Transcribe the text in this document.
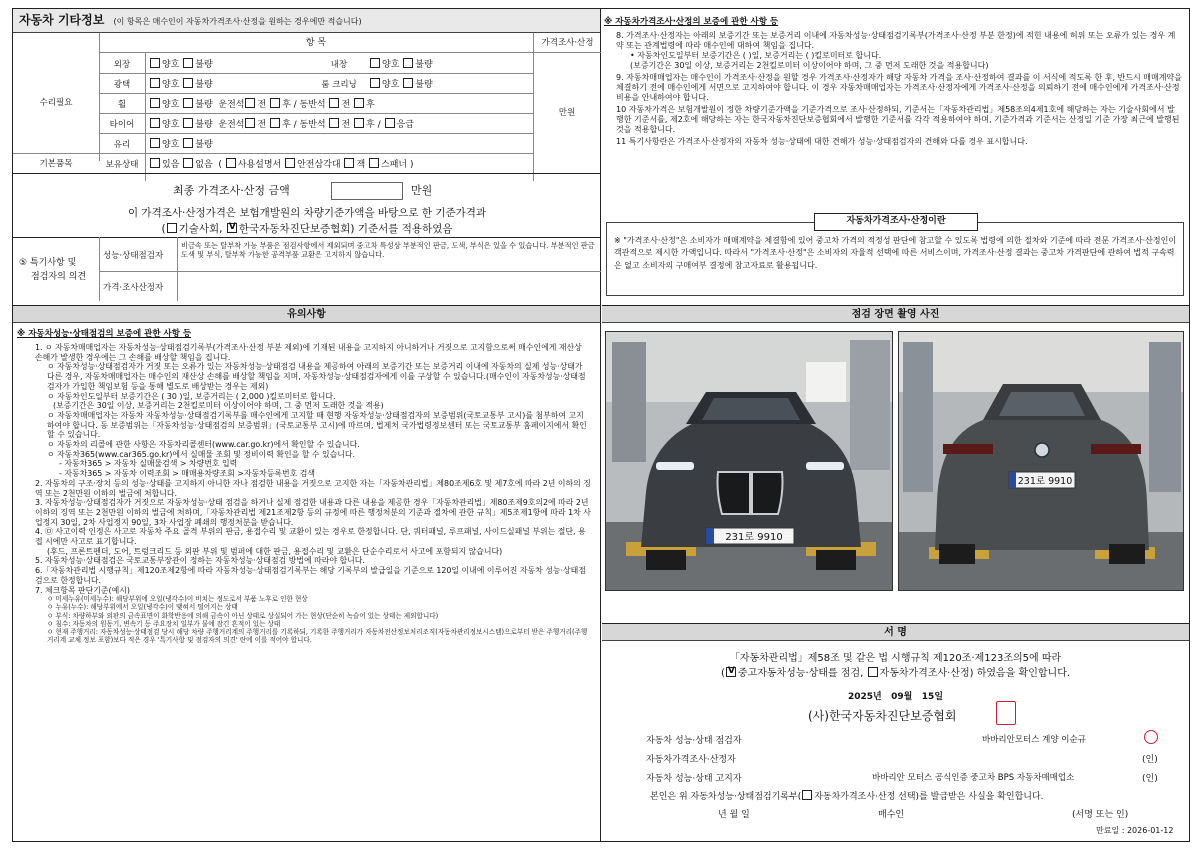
자동차 기타정보 (이 항목은 매수인이 자동차가격조사·산정을 원하는 경우에만 적습니다)
항 목	가격조사·산정
수리필요
기본품목
만원
외장	양호 불량	내장	양호 불량
광택	양호 불량	룸 크리닝	양호 불량
휠	양호 불량 운전석 전 후 / 동반석 전 후
타이어	양호 불량 운전석 전 후 / 동반석 전 후 / 응급
유리	양호 불량
보유상태	있음 없음  ( 사용설명서 안전삼각대 잭 스패너 )
최종 가격조사·산정 금액	만원
이 가격조사·산정가격은 보험개발원의 차량기준가액을 바탕으로 한 기준가격과
( 기술사회, V 한국자동차진단보증협회) 기준서를 적용하였음
⑤ 특기사항 및
점검자의 의견
성능·상태점검자
비금속 또는 탈부착 가능 부품은 점검사항에서 제외되며 중고차 특성상 부분적인 판금, 도색, 부식은 있을 수 있습니다. 부분적인 판금 도색 및 부식, 탈부착 가능한 공격부품 교환은 고지하지 않습니다.
가격·조사산정자
유의사항
※ 자동차성능·상태점검의 보증에 관한 사항 등

1. ㅇ 자동차매매업자는 자동차성능·상태점검기록부(가격조사·산정 부분 제외)에 기재된 내용을 고지하지 아니하거나 거짓으로 고지함으로써 매수인에게 재산상 손해가 발생한 경우에는 그 손해를 배상할 책임을 집니다.

ㅇ 자동차성능·상태점검자가 거짓 또는 오류가 있는 자동차성능·상태점검 내용을 제공하여 아래의 보증기간 또는 보증거리 이내에 자동차의 실제 성능·상태가 다른 경우, 자동차매매업자는 매수인의 재산상 손해를 배상할 책임을 지며, 자동차성능·상태점검자에게 이를 구상할 수 있습니다.(매수인이 자동차성능·상태점검자가 가입한 책임보험 등을 통해 별도로 배상받는 경우는 제외)

ㅇ 자동차인도일부터 보증기간은 ( 30 )일, 보증거리는 ( 2,000 )킬로미터로 합니다.

(보증기간은 30일 이상, 보증거리는 2천킬로미터 이상이어야 하며, 그 중 먼저 도래한 것을 적용)

ㅇ 자동차매매업자는 자동차 자동차성능·상태점검기록부를 매수인에게 고지할 때 현행 자동차성능·상태점검자의 보증범위(국토교통부 고시)를 첨부하여 고지하여야 합니다. 동 보증범위는「자동차성능·상태점검의 보증범위」(국토교통부 고시)에 따르며, 법제처 국가법령정보센터 또는 국토교통부 홈페이지에서 확인할 수 있습니다.

ㅇ 자동차의 리콜에 관한 사항은 자동차리콜센터(www.car.go.kr)에서 확인할 수 있습니다.

ㅇ 자동차365(www.car365.go.kr)에서 실매물 조회 및 정비이력 확인을 할 수 있습니다.

- 자동차365 > 자동차 실매물검색 > 차량번호 입력

- 자동차365 > 자동차 이력조회 > 매매용차량조회 >자동차등록번호 검색

2. 자동차의 구조·장치 등의 성능·상태를 고지하지 아니한 자나 점검한 내용을 거짓으로 고지한 자는「자동차관리법」제80조제6호 및 제7호에 따라 2년 이하의 징역 또는 2천만원 이하의 벌금에 처합니다.

3. 자동차성능·상태점검자가 거짓으로 자동차성능·상태 점검을 하거나 실제 점검한 내용과 다른 내용을 제공한 경우「자동차관리법」제80조제9호의2에 따라 2년 이하의 징역 또는 2천만원 이하의 벌금에 처하며,「자동차관리법 제21조제2항 등의 규정에 따른 행정처분의 기준과 절차에 관한 규칙」제5조제1항에 따라 1차 사업정지 30일, 2차 사업정지 90일, 3차 사업장 폐쇄의 행정처분을 받습니다.

4. ㉤ 사고이력 인정은 사고로 자동차 주요 골격 부위의 판금, 용접수리 및 교환이 있는 경우로 한정합니다. 단, 쿼터패널, 루프패널, 사이드실패널 부위는 절단, 용접 시에만 사고로 표기합니다.

(후드, 프론트펜더, 도어, 트렁크리드 등 외판 부위 및 범퍼에 대한 판금, 용접수리 및 교환은 단순수리로서 사고에 포함되지 않습니다)

5. 자동차성능·상태점검은 국토교통부장관이 정하는 자동차성능·상태점검 방법에 따라야 합니다.

6.「자동차관리법 시행규칙」제120조제2항에 따라 자동차성능·상태점검기록부는 해당 기록부의 발급일을 기준으로 120일 이내에 이루어진 자동차 성능·상태점검으로 한정합니다.

7. 체크항목 판단기준(예시)

ㅇ 미세누유(미세누수): 해당부위에 오일(냉각수)이 비치는 정도로서 부품 노후로 인한 현상

ㅇ 누유(누수): 해당부위에서 오일(냉각수)이 맺혀서 떨어지는 상태

ㅇ 부식: 차량하부와 외판의 금속표면이 화학반응에 의해 금속이 아닌 상태로 상실되어 가는 현상(단순히 녹슬어 있는 상태는 제외합니다)

ㅇ 침수: 자동차의 원동기, 변속기 등 주요장치 일부가 물에 잠긴 흔적이 있는 상태

ㅇ 현재 주행거리: 자동차성능·상태점검 당시 해당 차량 주행거리계의 주행거리를 기록하되, 기록한 주행거리가 자동차전산정보처리조직(자동차관리정보시스템)으로부터 받은 주행거리(주행거리계 교체 정보 포함)보다 적은 경우 '특기사항 및 점검자의 의견' 란에 이를 적어야 합니다.

※ 자동차가격조사·산정의 보증에 관한 사항 등

8. 가격조사·산정자는 아래의 보증기간 또는 보증거리 이내에 자동차성능·상태점검기록부(가격조사·산정 부분 한정)에 적힌 내용에 허위 또는 오류가 있는 경우 계약 또는 관계법령에 따라 매수인에 대하여 책임을 집니다.

• 자동차인도일부터 보증기간은 ( )일, 보증거리는 ( )킬로미터로 합니다.

(보증기간은 30일 이상, 보증거리는 2천킬로미터 이상이어야 하며, 그 중 먼저 도래한 것을 적용합니다)

9. 자동차매매업자는 매수인이 가격조사·산정을 원할 경우 가격조사·산정자가 해당 자동차 가격을 조사·산정하여 결과를 이 서식에 적도록 한 후, 반드시 매매계약을 체결하기 전에 매수인에게 서면으로 고지하여야 합니다. 이 경우 자동차매매업자는 가격조사·산정자에게 가격조사·산정을 의뢰하기 전에 매수인에게 가격조사·산정 비용을 안내하여야 합니다.

10 자동차가격은 보험개발원이 정한 차량기준가액을 기준가격으로 조사·산정하되, 기준서는「자동차관리법」제58조의4제1호에 해당하는 자는 기술사회에서 발행한 기준서를, 제2호에 해당하는 자는 한국자동차진단보증협회에서 발행한 기준서를 각각 적용하여야 하며, 기준가격과 기준서는 산정일 기준 가장 최근에 발행된 것을 적용합니다.

11 특기사항란은 가격조사·산정자의 자동차 성능·상태에 대한 견해가 성능·상태점검자의 견해와 다를 경우 표시합니다.

자동차가격조사·산정이란
※ "가격조사·산정"은 소비자가 매매계약을 체결함에 있어 중고차 가격의 적정성 판단에 참고할 수 있도록 법령에 의한 절차와 기준에 따라 전문 가격조사·산정인이 객관적으로 제시한 가액입니다. 따라서 "가격조사·산정"은 소비자의 자율적 선택에 따른 서비스이며, 가격조사·산정 결과는 중고차 가격판단에 관하여 법적 구속력은 없고 소비자의 구매여부 결정에 참고자료로 활용됩니다.
점검 장면 촬영 사진
231로 9910
231로 9910
서 명
「자동차관리법」제58조 및 같은 법 시행규칙 제120조·제123조의5에 따라
( V 중고자동차성능·상태를 점검, 자동차가격조사·산정) 하였음을 확인합니다.
2025년 09월 15일
(사)한국자동차진단보증협회
자동차 성능·상태 점검자	바바리안모터스 계양 이순규
자동차가격조사·산정자	(인)
자동차 성능·상태 고지자	바바리안 모터스 공식인증 중고차 BPS 자동차매매업소	(인)
본인은 위 자동차성능·상태점검기록부( 자동차가격조사·산정 선택)를 발급받은 사실을 확인합니다.
년 월 일	매수인	(서명 또는 인)
만료일 : 2026-01-12
